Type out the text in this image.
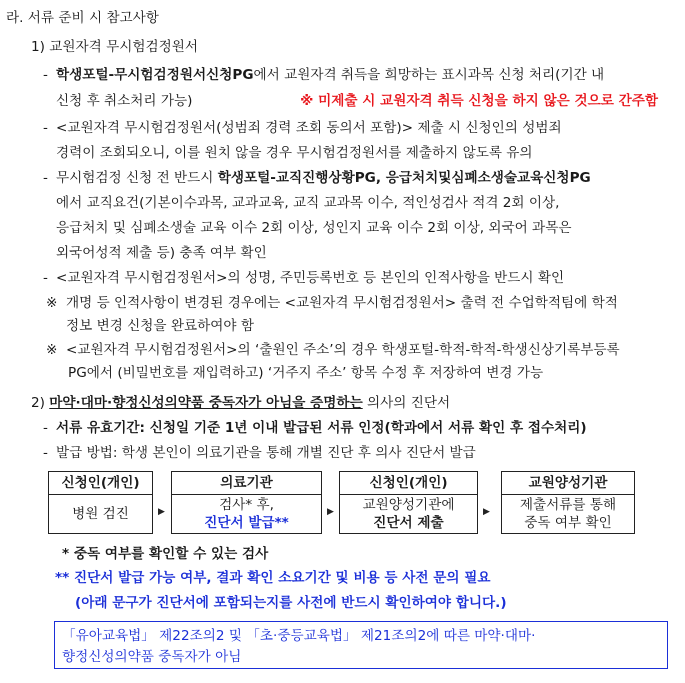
라. 서류 준비 시 참고사항
1) 교원자격 무시험검정원서
- 학생포털-무시험검정원서신청PG에서 교원자격 취득을 희망하는 표시과목 신청 처리(기간 내
신청 후 취소처리 가능)	※ 미제출 시 교원자격 취득 신청을 하지 않은 것으로 간주함
- <교원자격 무시험검정원서(성범죄 경력 조회 동의서 포함)> 제출 시 신청인의 성범죄
경력이 조회되오니, 이를 원치 않을 경우 무시험검정원서를 제출하지 않도록 유의
- 무시험검정 신청 전 반드시 학생포털-교직진행상황PG, 응급처치및심폐소생술교육신청PG
에서 교직요건(기본이수과목, 교과교육, 교직 교과목 이수, 적인성검사 적격 2회 이상,
응급처치 및 심폐소생술 교육 이수 2회 이상, 성인지 교육 이수 2회 이상, 외국어 과목은
외국어성적 제출 등) 충족 여부 확인
- <교원자격 무시험검정원서>의 성명, 주민등록번호 등 본인의 인적사항을 반드시 확인
※ 개명 등 인적사항이 변경된 경우에는 <교원자격 무시험검정원서> 출력 전 수업학적팀에 학적
정보 변경 신청을 완료하여야 함
※ <교원자격 무시험검정원서>의 ‘출원인 주소’의 경우 학생포털-학적-학적-학생신상기록부등록
PG에서 (비밀번호를 재입력하고) ‘거주지 주소’ 항목 수정 후 저장하여 변경 가능
2) 마약·대마·향정신성의약품 중독자가 아님을 증명하는 의사의 진단서
- 서류 유효기간: 신청일 기준 1년 이내 발급된 서류 인정(학과에서 서류 확인 후 접수처리)
- 발급 방법: 학생 본인이 의료기관을 통해 개별 진단 후 의사 진단서 발급
신청인(개인)
병원 검진	▶
의료기관
검사* 후,
진단서 발급**
▶
신청인(개인)
교원양성기관에
진단서 제출
▶
교원양성기관
제출서류를 통해
중독 여부 확인
* 중독 여부를 확인할 수 있는 검사
** 진단서 발급 가능 여부, 결과 확인 소요기간 및 비용 등 사전 문의 필요
(아래 문구가 진단서에 포함되는지를 사전에 반드시 확인하여야 합니다.)
「유아교육법」 제22조의2 및 「초·중등교육법」 제21조의2에 따른 마약·대마·
향정신성의약품 중독자가 아님
